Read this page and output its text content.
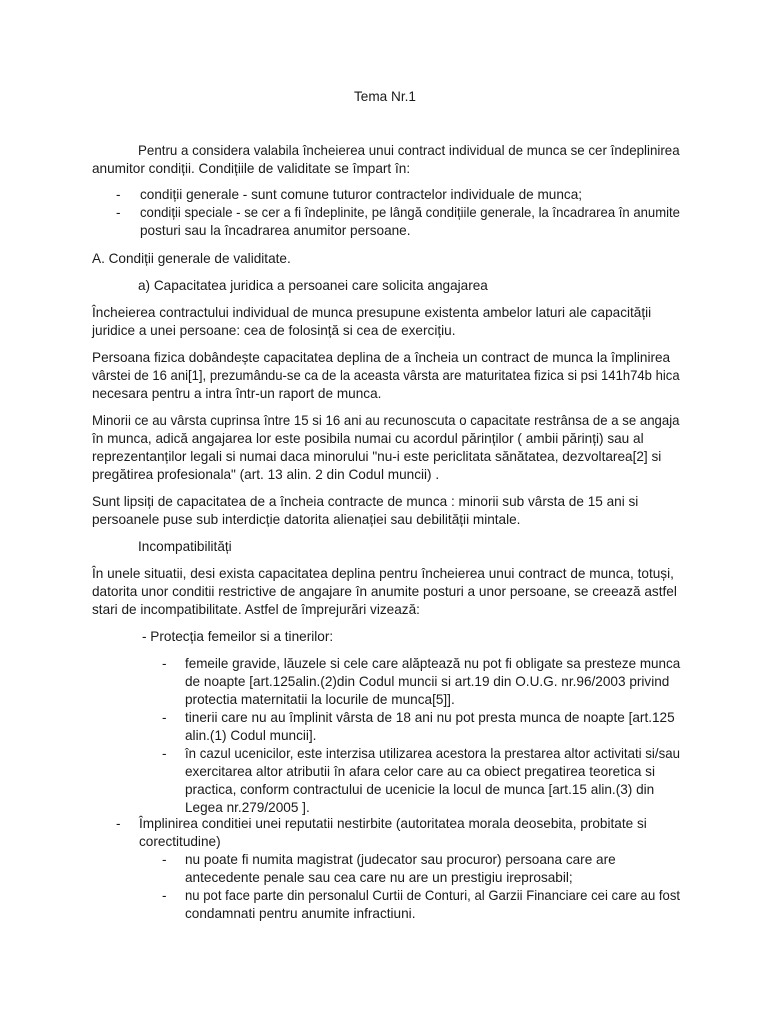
Tema Nr.1
Pentru a considera valabila încheierea unui contract individual de munca se cer îndeplinirea
anumitor condiții. Condițiile de validitate se împart în:
- condiții generale - sunt comune tuturor contractelor individuale de munca;
- condiții speciale - se cer a fi îndeplinite, pe lângă condițiile generale, la încadrarea în anumite
posturi sau la încadrarea anumitor persoane.
A. Condiții generale de validitate.
a) Capacitatea juridica a persoanei care solicita angajarea
Încheierea contractului individual de munca presupune existenta ambelor laturi ale capacității
juridice a unei persoane: cea de folosință si cea de exercițiu.
Persoana fizica dobândește capacitatea deplina de a încheia un contract de munca la împlinirea
vârstei de 16 ani[1], prezumându-se ca de la aceasta vârsta are maturitatea fizica si psi 141h74b hica
necesara pentru a intra într-un raport de munca.
Minorii ce au vârsta cuprinsa între 15 si 16 ani au recunoscuta o capacitate restrânsa de a se angaja
în munca, adică angajarea lor este posibila numai cu acordul părinților ( ambii părinți) sau al
reprezentanților legali si numai daca minorului "nu-i este periclitata sănătatea, dezvoltarea[2] si
pregătirea profesionala" (art. 13 alin. 2 din Codul muncii) .
Sunt lipsiți de capacitatea de a încheia contracte de munca : minorii sub vârsta de 15 ani si
persoanele puse sub interdicție datorita alienației sau debilității mintale.
Incompatibilități
În unele situatii, desi exista capacitatea deplina pentru încheierea unui contract de munca, totuși,
datorita unor conditii restrictive de angajare în anumite posturi a unor persoane, se creează astfel
stari de incompatibilitate. Astfel de împrejurări vizează:
- Protecția femeilor si a tinerilor:
- femeile gravide, lăuzele si cele care alăptează nu pot fi obligate sa presteze munca
de noapte [art.125alin.(2)din Codul muncii si art.19 din O.U.G. nr.96/2003 privind
protectia maternitatii la locurile de munca[5]].
- tinerii care nu au împlinit vârsta de 18 ani nu pot presta munca de noapte [art.125
alin.(1) Codul muncii].
- în cazul ucenicilor, este interzisa utilizarea acestora la prestarea altor activitati si/sau
exercitarea altor atributii în afara celor care au ca obiect pregatirea teoretica si
practica, conform contractului de ucenicie la locul de munca [art.15 alin.(3) din
Legea nr.279/2005 ].
- Împlinirea conditiei unei reputatii nestirbite (autoritatea morala deosebita, probitate si
corectitudine)
- nu poate fi numita magistrat (judecator sau procuror) persoana care are
antecedente penale sau cea care nu are un prestigiu ireprosabil;
- nu pot face parte din personalul Curtii de Conturi, al Garzii Financiare cei care au fost
condamnati pentru anumite infractiuni.
